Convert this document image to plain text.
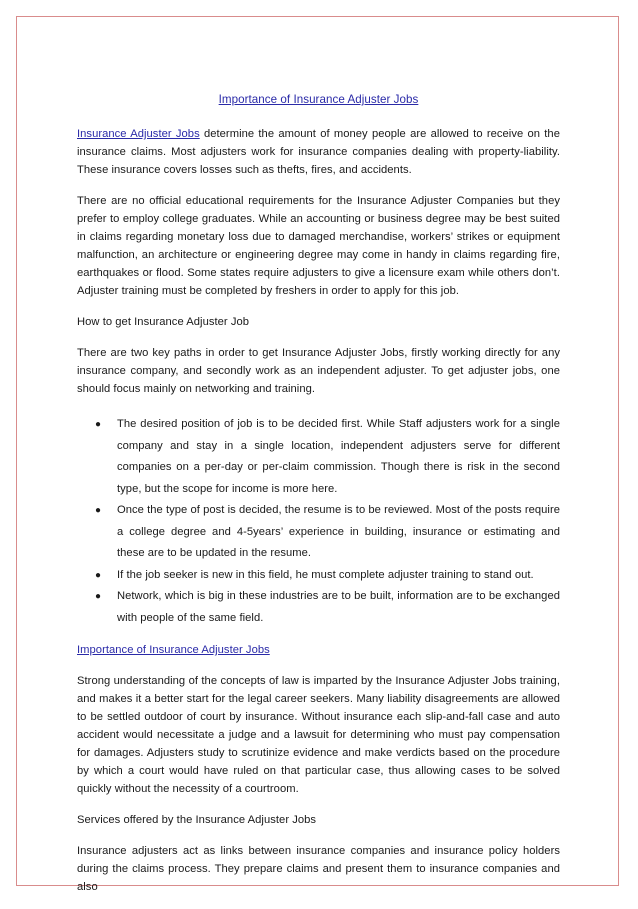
Importance of Insurance Adjuster Jobs

Insurance Adjuster Jobs determine the amount of money people are allowed to receive on the insurance claims. Most adjusters work for insurance companies dealing with property-liability. These insurance covers losses such as thefts, fires, and accidents.

There are no official educational requirements for the Insurance Adjuster Companies but they prefer to employ college graduates. While an accounting or business degree may be best suited in claims regarding monetary loss due to damaged merchandise, workers’ strikes or equipment malfunction, an architecture or engineering degree may come in handy in claims regarding fire, earthquakes or flood. Some states require adjusters to give a licensure exam while others don’t. Adjuster training must be completed by freshers in order to apply for this job.

How to get Insurance Adjuster Job

There are two key paths in order to get Insurance Adjuster Jobs, firstly working directly for any insurance company, and secondly work as an independent adjuster. To get adjuster jobs, one should focus mainly on networking and training.

● The desired position of job is to be decided first. While Staff adjusters work for a single company and stay in a single location, independent adjusters serve for different companies on a per-day or per-claim commission. Though there is risk in the second type, but the scope for income is more here.
● Once the type of post is decided, the resume is to be reviewed. Most of the posts require a college degree and 4-5years’ experience in building, insurance or estimating and these are to be updated in the resume.
● If the job seeker is new in this field, he must complete adjuster training to stand out.
● Network, which is big in these industries are to be built, information are to be exchanged with people of the same field.

Importance of Insurance Adjuster Jobs

Strong understanding of the concepts of law is imparted by the Insurance Adjuster Jobs training, and makes it a better start for the legal career seekers. Many liability disagreements are allowed to be settled outdoor of court by insurance. Without insurance each slip-and-fall case and auto accident would necessitate a judge and a lawsuit for determining who must pay compensation for damages. Adjusters study to scrutinize evidence and make verdicts based on the procedure by which a court would have ruled on that particular case, thus allowing cases to be solved quickly without the necessity of a courtroom.

Services offered by the Insurance Adjuster Jobs

Insurance adjusters act as links between insurance companies and insurance policy holders during the claims process. They prepare claims and present them to insurance companies and also
